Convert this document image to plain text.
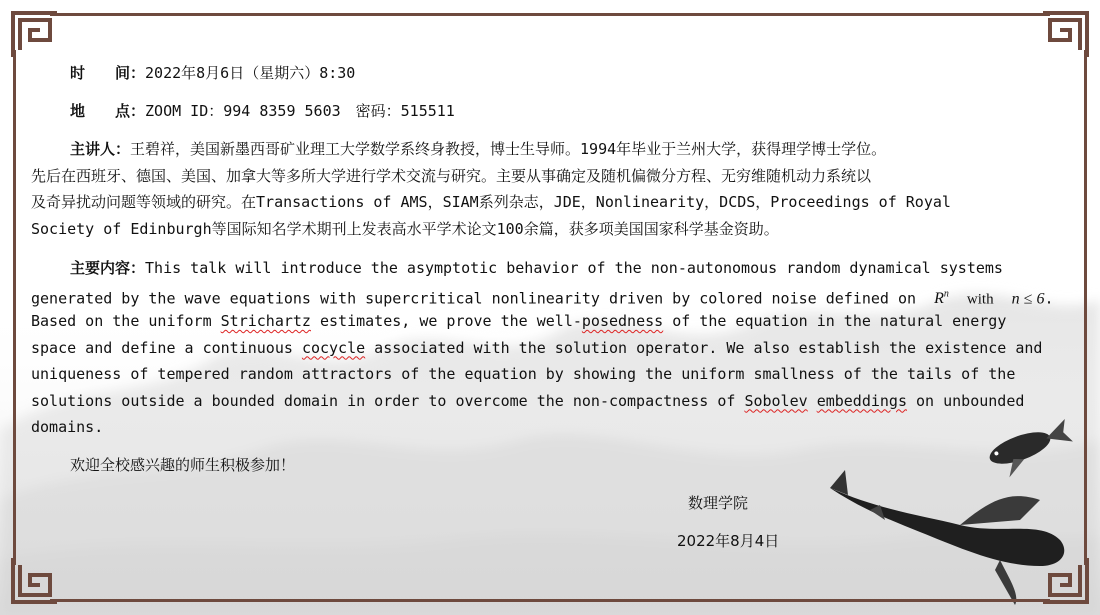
时　　间：2022年8月6日（星期六）8:30
地　　点：ZOOM ID：994 8359 5603　密码：515511
主讲人：王碧祥，美国新墨西哥矿业理工大学数学系终身教授，博士生导师。1994年毕业于兰州大学，获得理学博士学位。
先后在西班牙、德国、美国、加拿大等多所大学进行学术交流与研究。主要从事确定及随机偏微分方程、无穷维随机动力系统以
及奇异扰动问题等领域的研究。在Transactions of AMS，SIAM系列杂志，JDE，Nonlinearity，DCDS，Proceedings of Royal
Society of Edinburgh等国际知名学术期刊上发表高水平学术论文100余篇，获多项美国国家科学基金资助。
主要内容：This talk will introduce the asymptotic behavior of the non-autonomous random dynamical systems
generated by the wave equations with supercritical nonlinearity driven by colored noise defined on $R^n$ with n ≤ 6.
Based on the uniform Strichartz estimates, we prove the well-posedness of the equation in the natural energy
space and define a continuous cocycle associated with the solution operator. We also establish the existence and
uniqueness of tempered random attractors of the equation by showing the uniform smallness of the tails of the
solutions outside a bounded domain in order to overcome the non-compactness of Sobolev embeddings on unbounded
domains.
欢迎全校感兴趣的师生积极参加！
数理学院
2022年8月4日
